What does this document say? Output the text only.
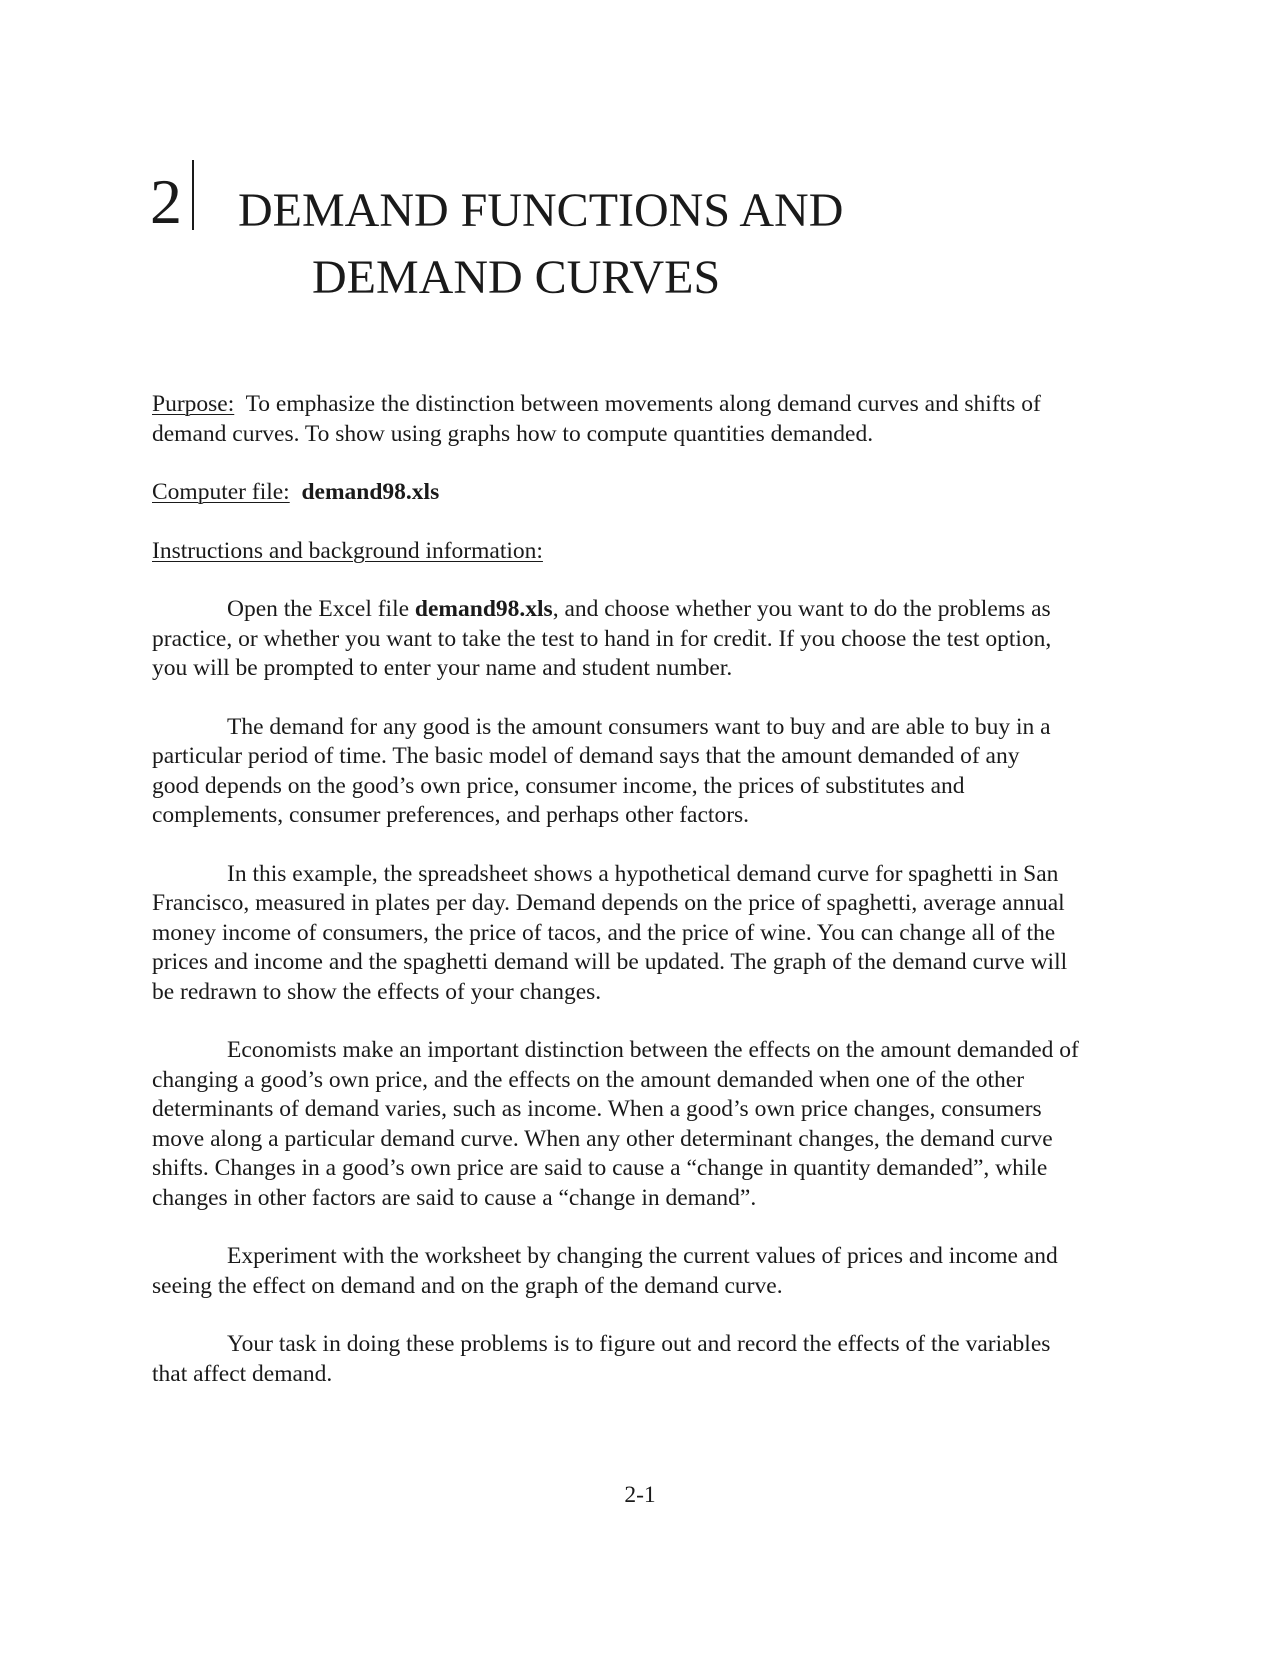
2 DEMAND FUNCTIONS AND
DEMAND CURVES
Purpose:  To emphasize the distinction between movements along demand curves and shifts of
demand curves. To show using graphs how to compute quantities demanded.
Computer file: demand98.xls
Instructions and background information:
Open the Excel file demand98.xls, and choose whether you want to do the problems as
practice, or whether you want to take the test to hand in for credit. If you choose the test option,
you will be prompted to enter your name and student number.
The demand for any good is the amount consumers want to buy and are able to buy in a
particular period of time. The basic model of demand says that the amount demanded of any
good depends on the good’s own price, consumer income, the prices of substitutes and
complements, consumer preferences, and perhaps other factors.
In this example, the spreadsheet shows a hypothetical demand curve for spaghetti in San
Francisco, measured in plates per day. Demand depends on the price of spaghetti, average annual
money income of consumers, the price of tacos, and the price of wine. You can change all of the
prices and income and the spaghetti demand will be updated. The graph of the demand curve will
be redrawn to show the effects of your changes.
Economists make an important distinction between the effects on the amount demanded of
changing a good’s own price, and the effects on the amount demanded when one of the other
determinants of demand varies, such as income. When a good’s own price changes, consumers
move along a particular demand curve. When any other determinant changes, the demand curve
shifts. Changes in a good’s own price are said to cause a “change in quantity demanded”, while
changes in other factors are said to cause a “change in demand”.
Experiment with the worksheet by changing the current values of prices and income and
seeing the effect on demand and on the graph of the demand curve.
Your task in doing these problems is to figure out and record the effects of the variables
that affect demand.
2-1
